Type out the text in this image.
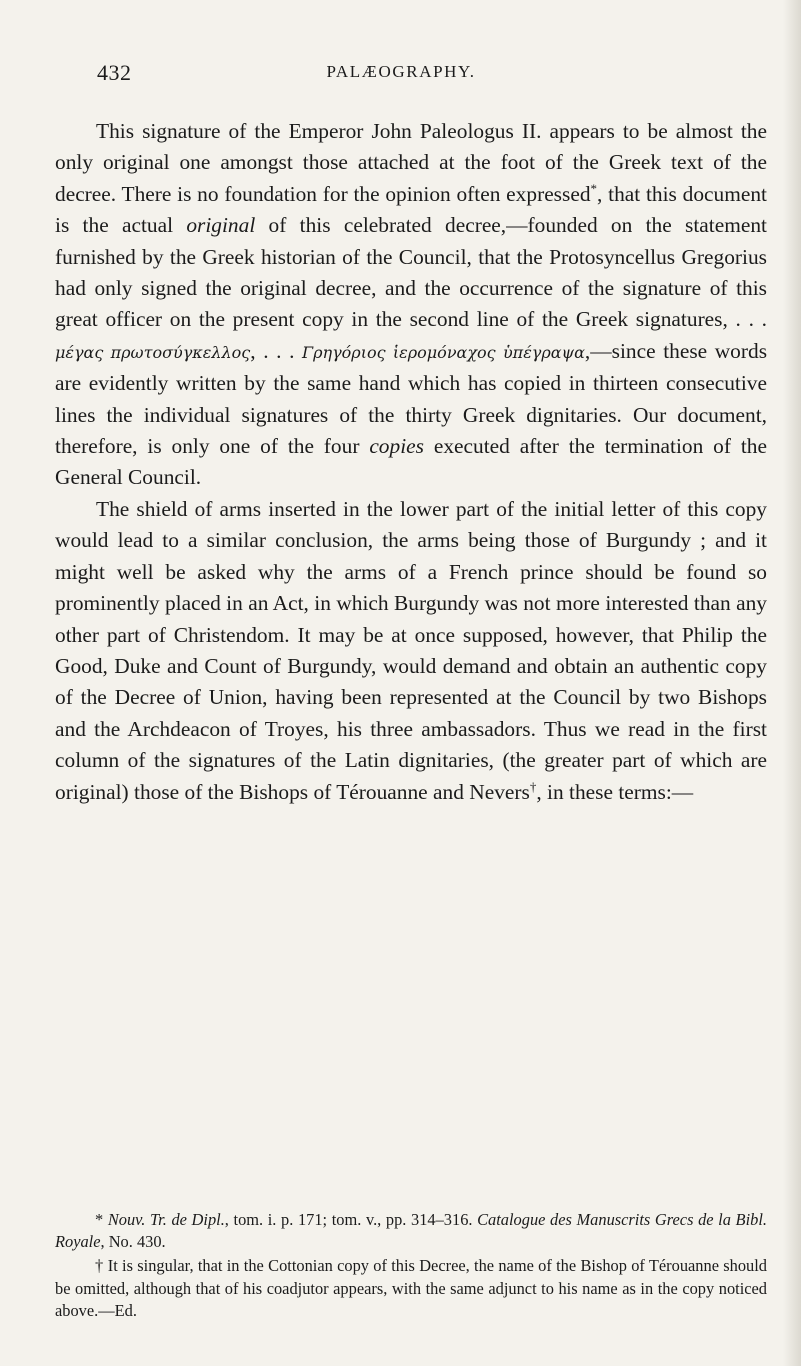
432	PALÆOGRAPHY.

This signature of the Emperor John Paleologus II. appears to be almost the only original one amongst those attached at the foot of the Greek text of the decree. There is no foundation for the opinion often expressed*, that this document is the actual original of this celebrated decree,—founded on the statement furnished by the Greek historian of the Council, that the Protosyncellus Gregorius had only signed the original decree, and the occurrence of the signature of this great officer on the present copy in the second line of the Greek signatures, . . . μέγας πρωτοσύγκελλος, . . . Γρηγόριος ἱερομόναχος ὑπέγραψα,—since these words are evidently written by the same hand which has copied in thirteen consecutive lines the individual signatures of the thirty Greek dignitaries. Our document, therefore, is only one of the four copies executed after the termination of the General Council.

The shield of arms inserted in the lower part of the initial letter of this copy would lead to a similar conclusion, the arms being those of Burgundy ; and it might well be asked why the arms of a French prince should be found so prominently placed in an Act, in which Burgundy was not more interested than any other part of Christendom. It may be at once supposed, however, that Philip the Good, Duke and Count of Burgundy, would demand and obtain an authentic copy of the Decree of Union, having been represented at the Council by two Bishops and the Archdeacon of Troyes, his three ambassadors. Thus we read in the first column of the signatures of the Latin dignitaries, (the greater part of which are original) those of the Bishops of Térouanne and Nevers†, in these terms:—

* Nouv. Tr. de Dipl., tom. i. p. 171; tom. v., pp. 314–316. Catalogue des Manuscrits Grecs de la Bibl. Royale, No. 430.

† It is singular, that in the Cottonian copy of this Decree, the name of the Bishop of Térouanne should be omitted, although that of his coadjutor appears, with the same adjunct to his name as in the copy noticed above.—Ed.
